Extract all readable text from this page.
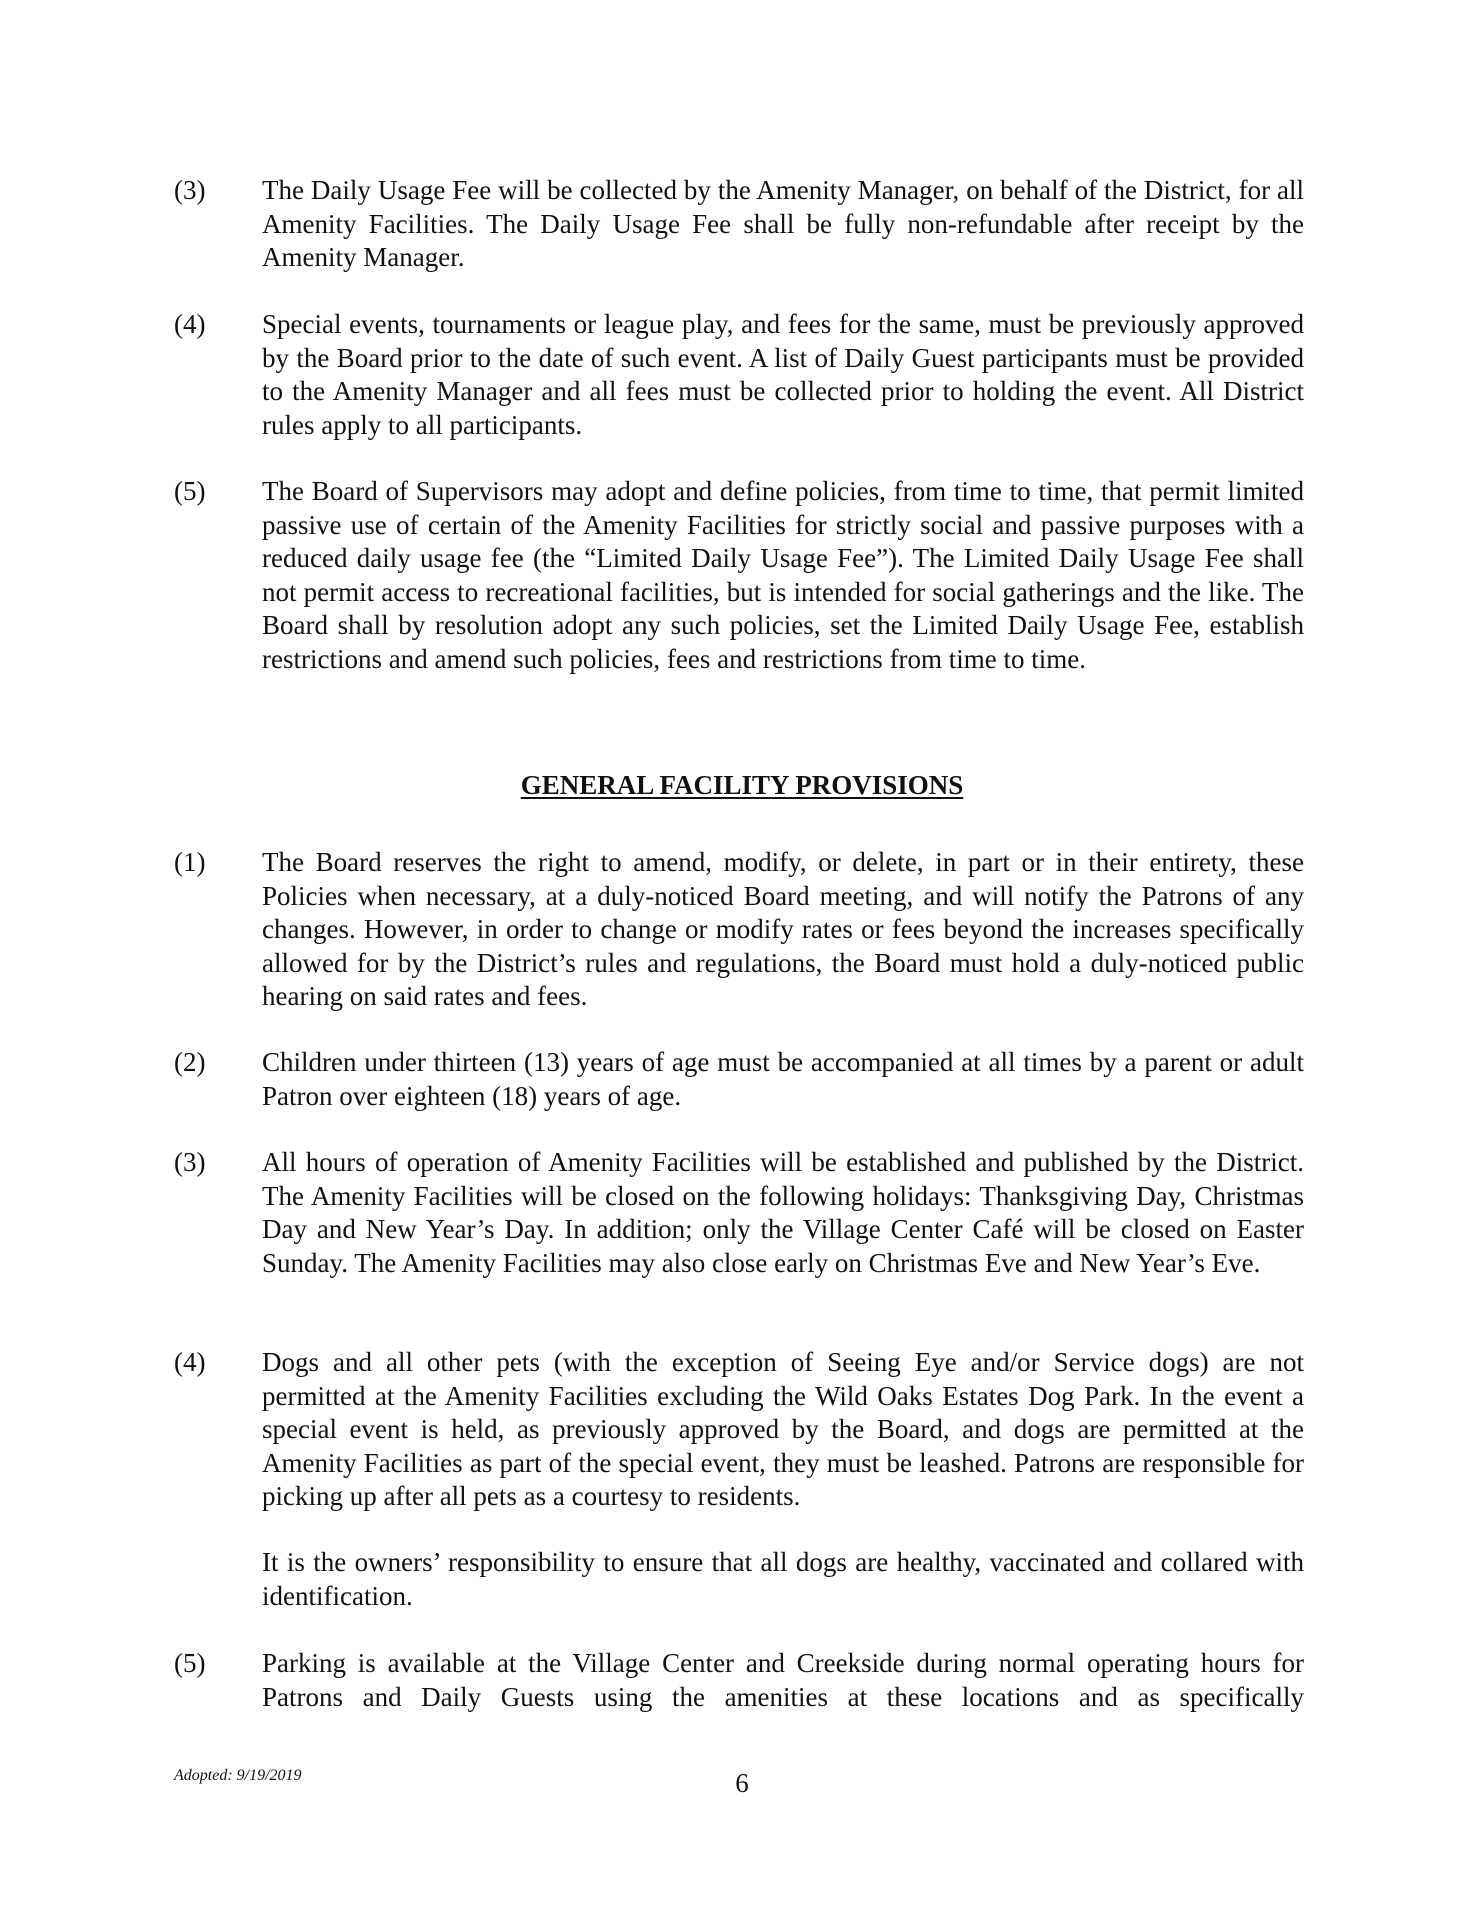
(3) The Daily Usage Fee will be collected by the Amenity Manager, on behalf of the District, for all Amenity Facilities. The Daily Usage Fee shall be fully non-refundable after receipt by the Amenity Manager.
(4) Special events, tournaments or league play, and fees for the same, must be previously approved by the Board prior to the date of such event. A list of Daily Guest participants must be provided to the Amenity Manager and all fees must be collected prior to holding the event. All District rules apply to all participants.
(5) The Board of Supervisors may adopt and define policies, from time to time, that permit limited passive use of certain of the Amenity Facilities for strictly social and passive purposes with a reduced daily usage fee (the “Limited Daily Usage Fee”). The Limited Daily Usage Fee shall not permit access to recreational facilities, but is intended for social gatherings and the like. The Board shall by resolution adopt any such policies, set the Limited Daily Usage Fee, establish restrictions and amend such policies, fees and restrictions from time to time.
GENERAL FACILITY PROVISIONS
(1) The Board reserves the right to amend, modify, or delete, in part or in their entirety, these Policies when necessary, at a duly-noticed Board meeting, and will notify the Patrons of any changes. However, in order to change or modify rates or fees beyond the increases specifically allowed for by the District’s rules and regulations, the Board must hold a duly-noticed public hearing on said rates and fees.
(2) Children under thirteen (13) years of age must be accompanied at all times by a parent or adult Patron over eighteen (18) years of age.
(3) All hours of operation of Amenity Facilities will be established and published by the District. The Amenity Facilities will be closed on the following holidays: Thanksgiving Day, Christmas Day and New Year’s Day. In addition; only the Village Center Café will be closed on Easter Sunday. The Amenity Facilities may also close early on Christmas Eve and New Year’s Eve.
(4) Dogs and all other pets (with the exception of Seeing Eye and/or Service dogs) are not permitted at the Amenity Facilities excluding the Wild Oaks Estates Dog Park. In the event a special event is held, as previously approved by the Board, and dogs are permitted at the Amenity Facilities as part of the special event, they must be leashed. Patrons are responsible for picking up after all pets as a courtesy to residents.
It is the owners’ responsibility to ensure that all dogs are healthy, vaccinated and collared with identification.
(5) Parking is available at the Village Center and Creekside during normal operating hours for Patrons and Daily Guests using the amenities at these locations and as specifically
Adopted: 9/19/2019	6
